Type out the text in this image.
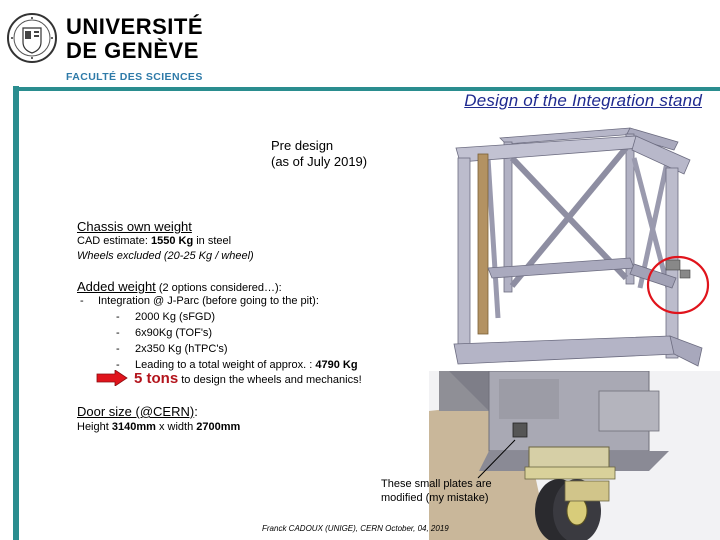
UNIVERSITÉ
DE GENÈVE
FACULTÉ DES SCIENCES
Design of the Integration stand
Pre design
(as of July 2019)
Chassis own weight
CAD estimate: 1550 Kg in steel
Wheels excluded (20-25 Kg / wheel)
Added weight (2 options considered…):
- Integration @ J-Parc (before going to the pit):
- 2000 Kg (sFGD)
- 6x90Kg (TOF's)
- 2x350 Kg (hTPC's)
- Leading to a total weight of approx. : 4790 Kg
5 tons to design the wheels and mechanics!
Door size (@CERN):
Height 3140mm x width 2700mm
These small plates are
modified (my mistake)
Franck CADOUX (UNIGE), CERN October, 04, 2019
